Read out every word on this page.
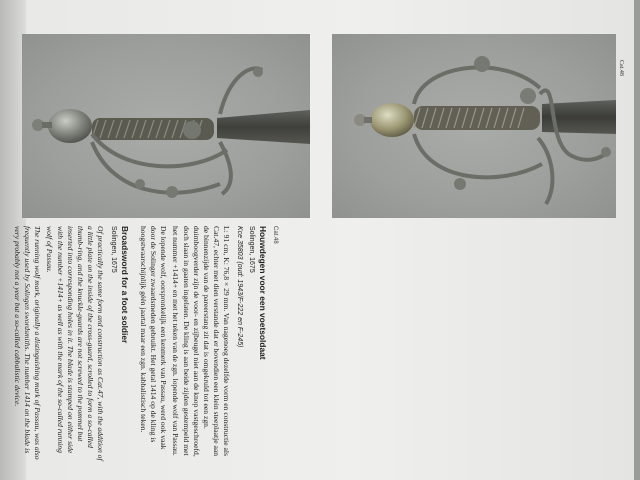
Cat.48
Cat.48

Houwdegen voor een voetsoldaat

Solingen, 1675

Kce 35803 (oud: 1943/F-222 en F-245)

L: 91 cm, K: 76,8 × 29 mm. Van nagenoeg dezelfde vorm en constructie als Cat.47, echter met dien verstande dat er bovendien een klein steeplaatje aan de binnenzijde van de pareerstang zit dat is omgekruld tot een zgn. duimboogverder zijn de voor- en zijbeugel niet aan de knop vastgeschroefd, doch slaan in gaaten ingelaten. De kling is aan beide zijden gestempeld met het nummer +1414+ en met het teken van de zgn. lopende wolf van Passau.

De lopende wolf, oorspronkelijk een kenmerk van Passau, werd ook vaak door de Solinger zwaardsmeden gebruikt. Het getal 1414 op de kling is hoogstwaarschijnlijk géén jaartal maar een zgn. kabbalistisch teken.

Broadsword for a foot soldier

Solingen, 1675

Of practically the same form and construction as Cat.47, with the addition of a little plate on the inside of the cross-guard, scrolled to form a so-called thumb-ring, and the knuckle-guards are not screwed to the pommel but inserted into corresponding holes in it. The blade is stamped on either side with the number +1414+ as well as with the mark of the so-called running wolf of Passau.

The running wolf mark, originally a distinguishing mark of Passau, was also frequently used by Solingen swordsmiths. The number 1414 on the blade is very probably not a year but a so-called cabbalistic device.
